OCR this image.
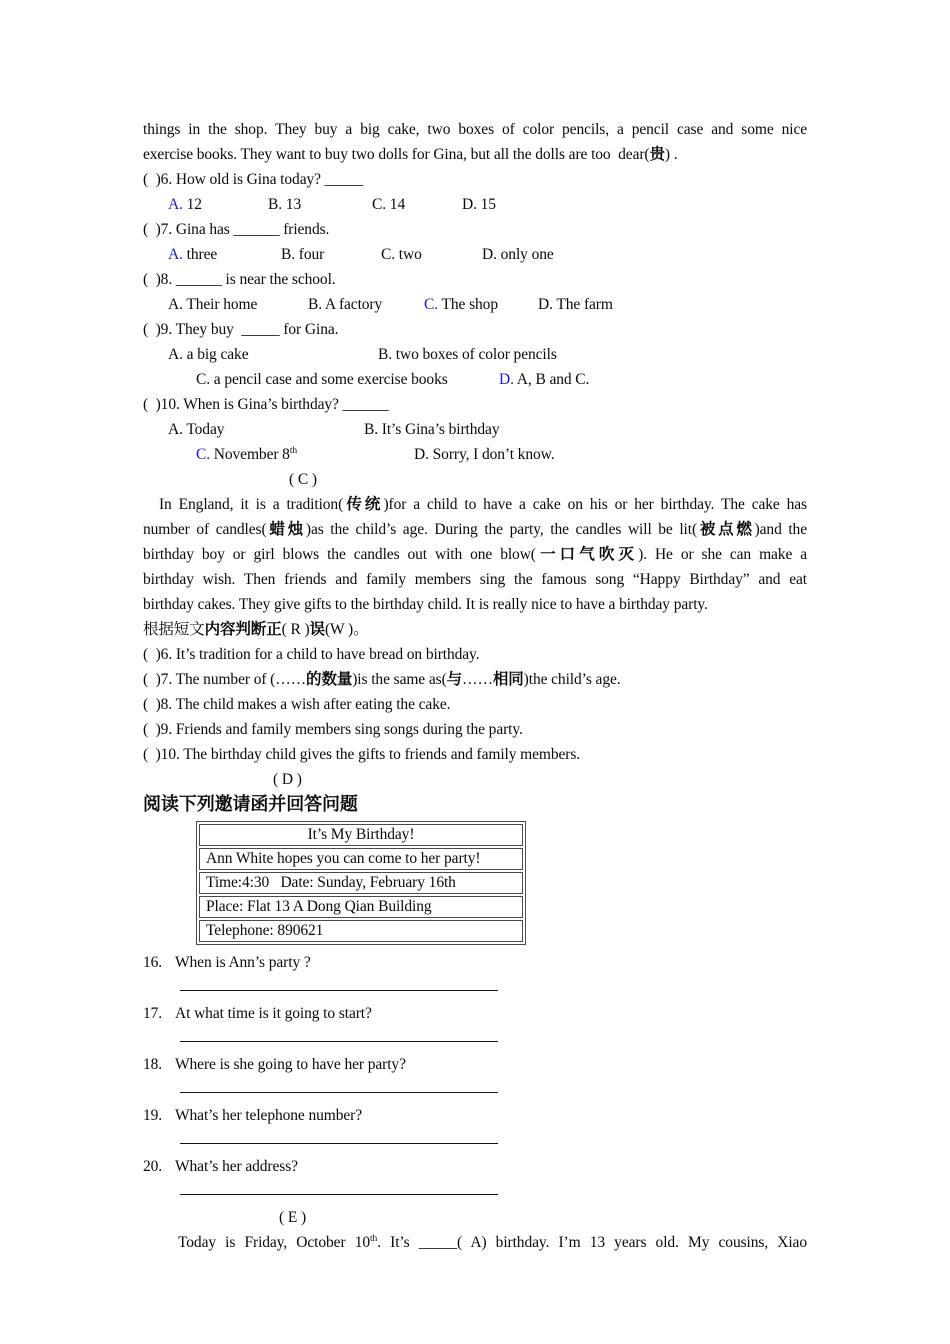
things in the shop. They buy a big cake, two boxes of color pencils, a pencil case and some nice
exercise books. They want to buy two dolls for Gina, but all the dolls are too  dear(贵) .
(  )6. How old is Gina today? _____
A. 12	B. 13	C. 14	D. 15
(  )7. Gina has ______ friends.
A. three	B. four	C. two	D. only one
(  )8. ______ is near the school.
A. Their home	B. A factory	C. The shop	D. The farm
(  )9. They buy  _____ for Gina.
A. a big cake	B. two boxes of color pencils
C. a pencil case and some exercise books	D. A, B and C.
(  )10. When is Gina’s birthday? ______
A. Today	B. It’s Gina’s birthday
C. November 8th	D. Sorry, I don’t know.
( C )
In England, it is a tradition(传统)for a child to have a cake on his or her birthday. The cake has
number of candles(蜡烛)as the child’s age. During the party, the candles will be lit(被点燃)and the
birthday boy or girl blows the candles out with one blow(一口气吹灭). He or she can make a
birthday wish. Then friends and family members sing the famous song “Happy Birthday” and eat
birthday cakes. They give gifts to the birthday child. It is really nice to have a birthday party.
根据短文内容判断正( R )误(W )。
(  )6. It’s tradition for a child to have bread on birthday.
(  )7. The number of (……的数量)is the same as(与……相同)the child’s age.
(  )8. The child makes a wish after eating the cake.
(  )9. Friends and family members sing songs during the party.
(  )10. The birthday child gives the gifts to friends and family members.
( D )
阅读下列邀请函并回答问题
It’s My Birthday!
Ann White hopes you can come to her party!
Time:4:30   Date: Sunday, February 16th
Place: Flat 13 A Dong Qian Building
Telephone: 890621
16. When is Ann’s party ?
17. At what time is it going to start?
18. Where is she going to have her party?
19. What’s her telephone number?
20. What’s her address?
( E )
Today is Friday, October 10th. It’s _____( A) birthday. I’m 13 years old. My cousins, Xiao
